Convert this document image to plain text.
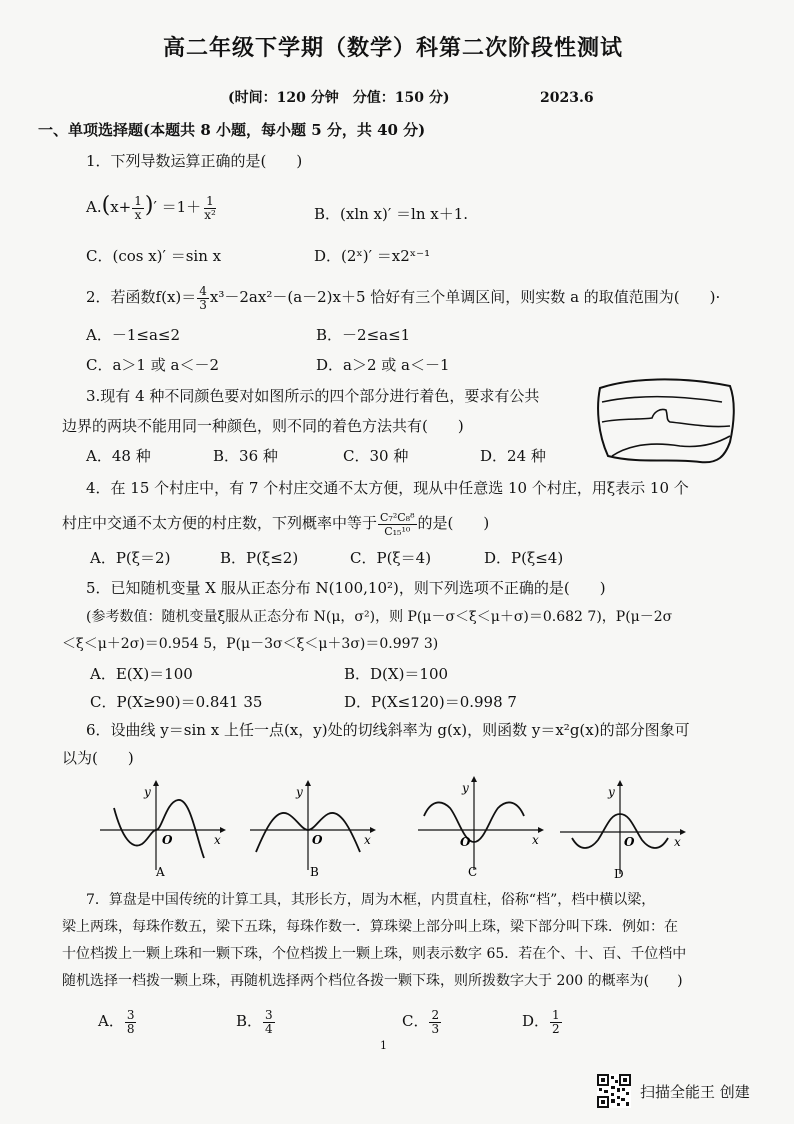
高二年级下学期（数学）科第二次阶段性测试
(时间：120 分钟　分值：150 分)	2023.6
一、单项选择题(本题共 8 小题，每小题 5 分，共 40 分)
1．下列导数运算正确的是(　　)
$A.(x+ \frac{1}{x}$ )′ $=1+ \frac{1}{\text{x²}}$	B．(xln x)′ ＝ln x＋1.
C．(cos x)′ ＝sin x	D．(2ˣ)′ ＝x2ˣ⁻¹
2．若函数$f(x)= \frac{4}{3} x^3-2ax^2-(a-2)x+5$ 恰好有三个单调区间，则实数 a 的取值范围为(　　)·
A．－1≤a≤2	B．－2≤a≤1
C．a＞1 或 a＜－2	D．a＞2 或 a＜－1
3.现有 4 种不同颜色要对如图所示的四个部分进行着色，要求有公共
边界的两块不能用同一种颜色，则不同的着色方法共有(　　)
A．48 种	B．36 种	C．30 种	D．24 种
4．在 15 个村庄中，有 7 个村庄交通不太方便，现从中任意选 10 个村庄，用ξ表示 10 个
村庄中交通不太方便的村庄数，下列概率中等于 $\frac{\text{C₇²C₈⁸}}{\text{C₁₅¹⁰}}$ 的是(　　)
A．P(ξ＝2)	B．P(ξ≤2)	C．P(ξ＝4)	D．P(ξ≤4)
5．已知随机变量 X 服从正态分布 N(100,10²)，则下列选项不正确的是(　　)
(参考数值：随机变量ξ服从正态分布 N(μ，σ²)，则 P(μ－σ＜ξ＜μ＋σ)＝0.682 7)，P(μ－2σ
＜ξ＜μ＋2σ)＝0.954 5，P(μ－3σ＜ξ＜μ＋3σ)＝0.997 3)
A．E(X)＝100	B．D(X)＝100
C．P(X≥90)＝0.841 35	D．P(X≤120)＝0.998 7
6．设曲线 y＝sin x 上任一点(x，y)处的切线斜率为 g(x)，则函数 y＝x²g(x)的部分图象可
以为(　　)
y
x
O
A
y
x
O
B
y
x
O
C
y
x
O
D
7．算盘是中国传统的计算工具，其形长方，周为木框，内贯直柱，俗称“档”，档中横以梁，
梁上两珠，每珠作数五，梁下五珠，每珠作数一．算珠梁上部分叫上珠，梁下部分叫下珠．例如：在
十位档拨上一颗上珠和一颗下珠，个位档拨上一颗上珠，则表示数字 65．若在个、十、百、千位档中
随机选择一档拨一颗上珠，再随机选择两个档位各拨一颗下珠，则所拨数字大于 200 的概率为(　　)
A． $\frac{3}{8}$	B． $\frac{3}{4}$	C． $\frac{2}{3}$	D． $\frac{1}{2}$
1
扫描全能王 创建
